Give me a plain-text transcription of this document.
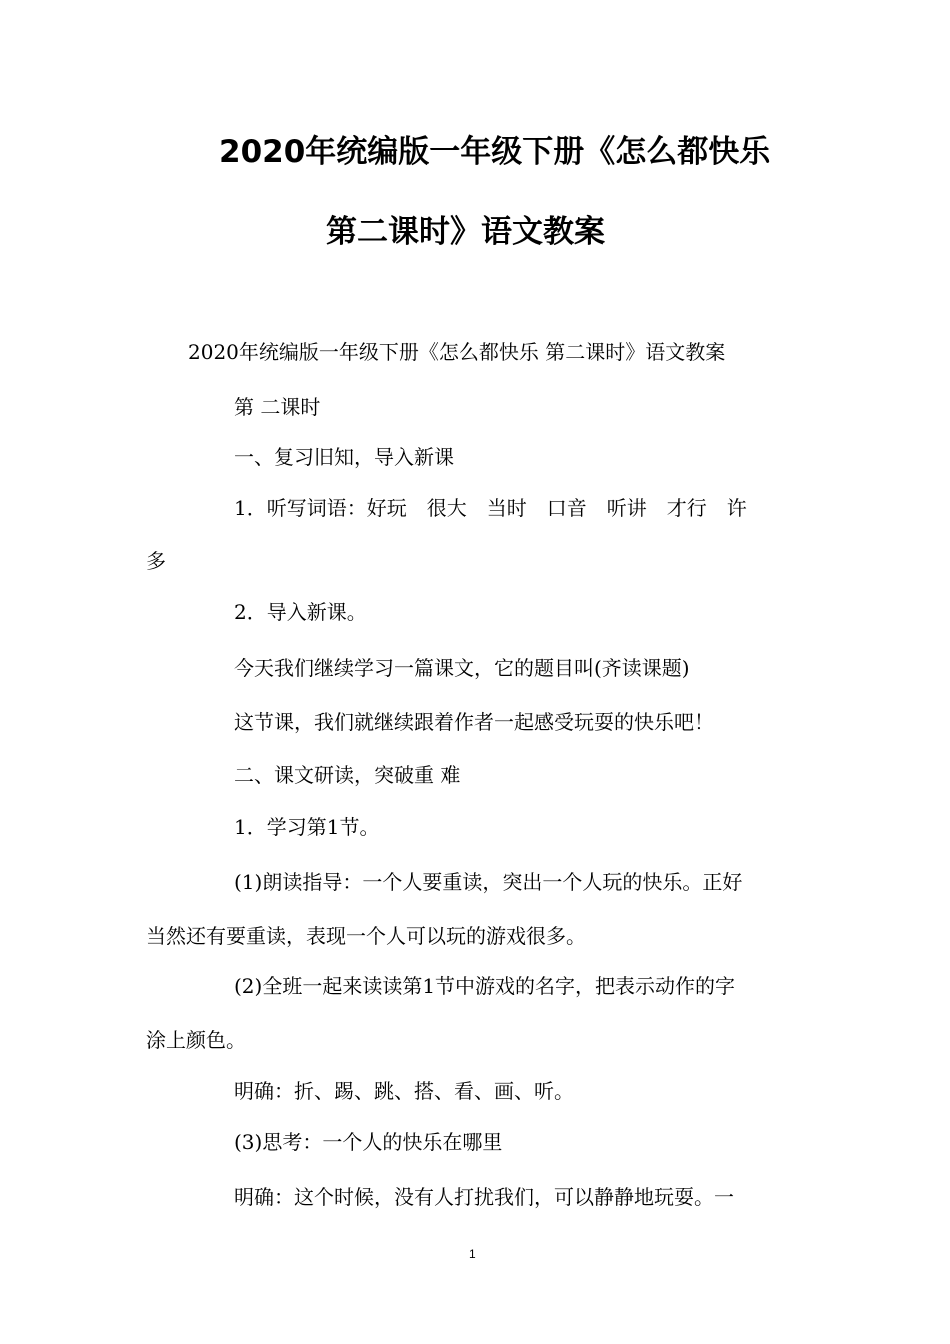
2020年统编版一年级下册《怎么都快乐
第二课时》语文教案
2020年统编版一年级下册《怎么都快乐 第二课时》语文教案
第 二课时
一、复习旧知，导入新课
1．听写词语：好玩　很大　当时　口音　听讲　才行　许
多
2．导入新课。
今天我们继续学习一篇课文，它的题目叫(齐读课题)
这节课，我们就继续跟着作者一起感受玩耍的快乐吧！
二、课文研读，突破重 难
1．学习第1节。
(1)朗读指导：一个人要重读，突出一个人玩的快乐。正好
当然还有要重读，表现一个人可以玩的游戏很多。
(2)全班一起来读读第1节中游戏的名字，把表示动作的字
涂上颜色。
明确：折、踢、跳、搭、看、画、听。
(3)思考：一个人的快乐在哪里
明确：这个时候，没有人打扰我们，可以静静地玩耍。一
1
